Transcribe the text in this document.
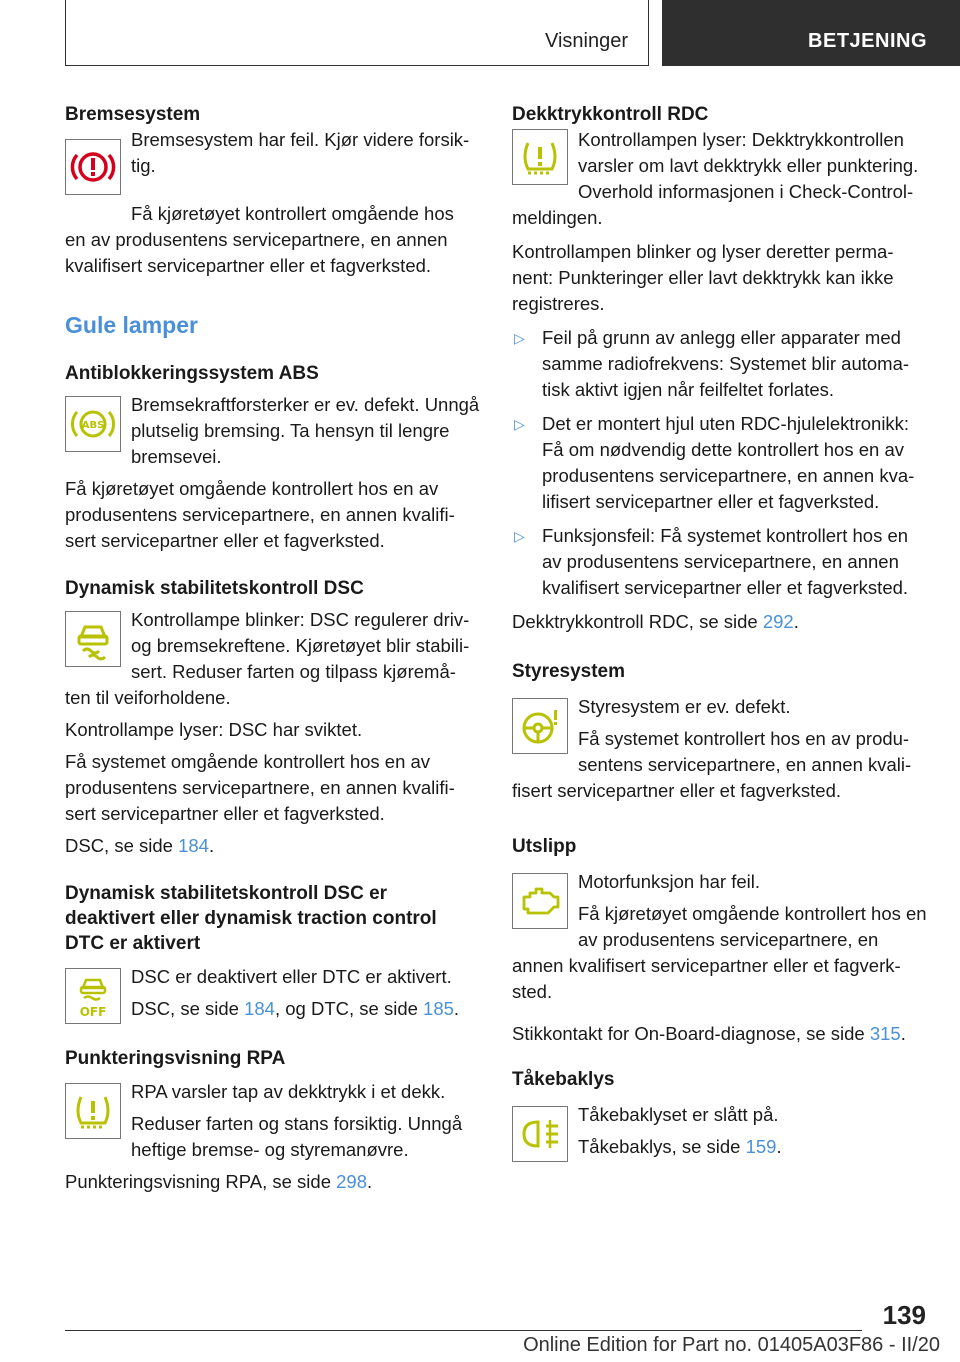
Visninger	BETJENING
Bremsesystem

Bremsesystem har feil. Kjør videre forsik-

tig.

Få kjøretøyet kontrollert omgående hos

en av produsentens servicepartnere, en annen kvalifisert servicepartner eller et fagverksted.

Gule lamper
Antiblokkeringssystem ABS
ABS

Bremsekraftforsterker er ev. defekt. Unngå plutselig bremsing. Ta hensyn til lengre bremsevei.

Få kjøretøyet omgående kontrollert hos en av produsentens servicepartnere, en annen kvalifi-sert servicepartner eller et fagverksted.

Dynamisk stabilitetskontroll DSC

Kontrollampe blinker: DSC regulerer driv- og bremsekreftene. Kjøretøyet blir stabili-sert. Reduser farten og tilpass kjøremå-

ten til veiforholdene.

Kontrollampe lyser: DSC har sviktet.

Få systemet omgående kontrollert hos en av produsentens servicepartnere, en annen kvalifi-sert servicepartner eller et fagverksted.

DSC, se side 184.

Dynamisk stabilitetskontroll DSC er deaktivert eller dynamisk traction control DTC er aktivert
OFF

DSC er deaktivert eller DTC er aktivert.

DSC, se side 184, og DTC, se side 185.

Punkteringsvisning RPA

RPA varsler tap av dekktrykk i et dekk.

Reduser farten og stans forsiktig. Unngå heftige bremse- og styremanøvre.

Punkteringsvisning RPA, se side 298.

Dekktrykkontroll RDC

Kontrollampen lyser: Dekktrykkontrollen varsler om lavt dekktrykk eller punktering. Overhold informasjonen i Check-Control-

meldingen.

Kontrollampen blinker og lyser deretter perma-nent: Punkteringer eller lavt dekktrykk kan ikke registreres.

▷ Feil på grunn av anlegg eller apparater med samme radiofrekvens: Systemet blir automa-tisk aktivt igjen når feilfeltet forlates.
▷ Det er montert hjul uten RDC-hjulelektronikk: Få om nødvendig dette kontrollert hos en av produsentens servicepartnere, en annen kva-lifisert servicepartner eller et fagverksted.
▷ Funksjonsfeil: Få systemet kontrollert hos en av produsentens servicepartnere, en annen kvalifisert servicepartner eller et fagverksted.

Dekktrykkontroll RDC, se side 292.

Styresystem

Styresystem er ev. defekt.

Få systemet kontrollert hos en av produ-sentens servicepartnere, en annen kvali-

fisert servicepartner eller et fagverksted.

Utslipp

Motorfunksjon har feil.

Få kjøretøyet omgående kontrollert hos en av produsentens servicepartnere, en

annen kvalifisert servicepartner eller et fagverk-sted.

Stikkontakt for On-Board-diagnose, se side 315.

Tåkebaklys

Tåkebaklyset er slått på.

Tåkebaklys, se side 159.

139
Online Edition for Part no. 01405A03F86 - II/20
